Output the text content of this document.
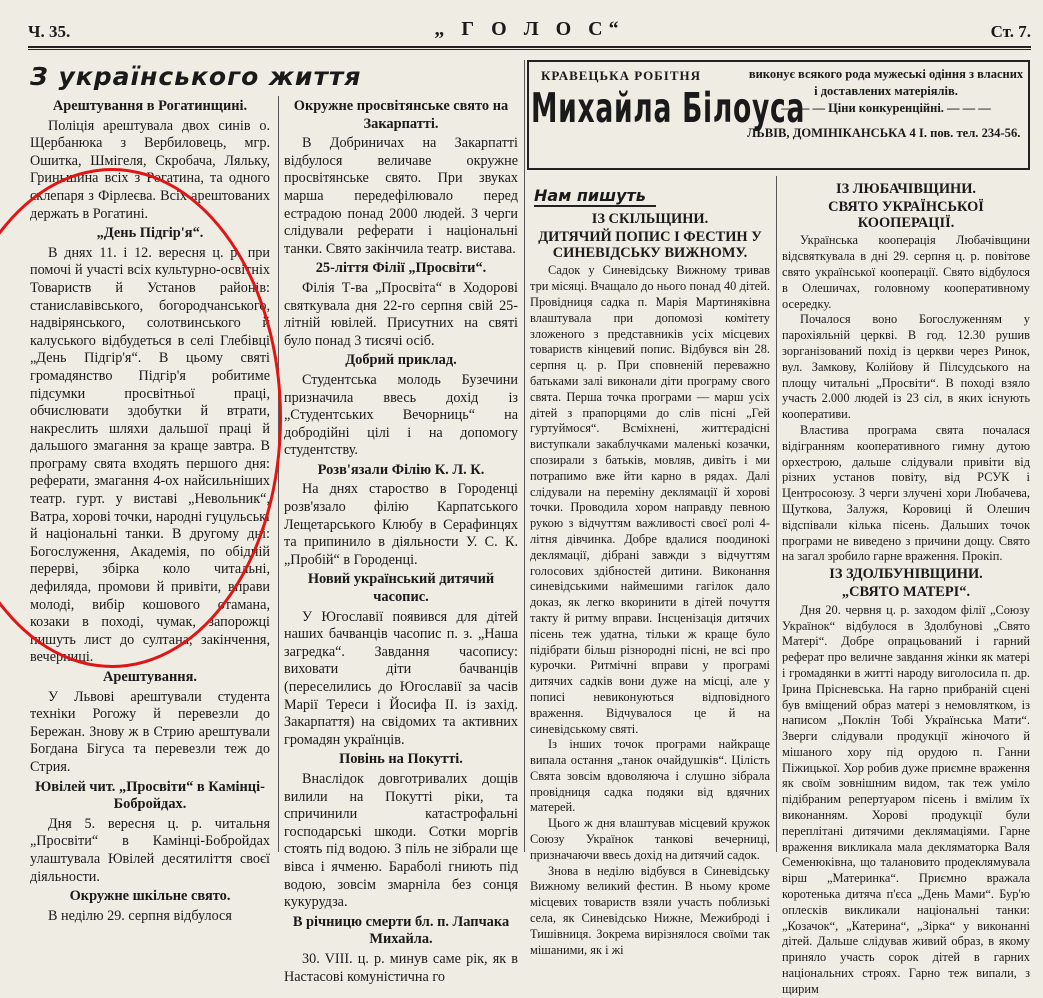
Ч. 35.	„ Г О Л О С“	Ст. 7.
З українського життя
Арештування в Рогатинщині.

Поліція арештувала двох синів о. Щербанюка з Вербиловець, мгр. Ошитка, Шмігеля, Скробача, Ляльку, Гриньшина всіх з Рогатина, та одного склепаря з Фірлеєва. Всіх арештованих держать в Рогатині.

„День Підгір'я“.

В днях 11. і 12. вересня ц. р. при помочі й участі всіх культурно-освітніх Товариств й Установ районів: станиславівського, богородчанського, надвірянського, солотвинського й калуського відбудеться в селі Глебівці „День Підгір'я“. В цьому святі громадянство Підгір'я робитиме підсумки просвітньої праці, обчислювати здобутки й втрати, накреслить шляхи дальшої праці й дальшого змагання за краще завтра. В програму свята входять першого дня: реферати, змагання 4-ох найсильніших театр. гурт. у виставі „Невольник“, Ватра, хорові точки, народні гуцульські й національні танки. В другому дні: Богослуження, Академія, по обідній перерві, збірка коло читальні, дефиляда, промови й привіти, вправи молоді, вибір кошового отамана, козаки в поході, чумак, запорожці пишуть лист до султана, закінчення, вечерниці.

Арештування.

У Львові арештували студента техніки Рогожу й перевезли до Бережан. Знову ж в Стрию арештували Богдана Бігуса та перевезли теж до Стрия.

Ювілей чит. „Просвіти“ в Камінці-Бобройдах.

Дня 5. вересня ц. р. читальня „Просвіти“ в Камінці-Бобройдах улаштувала Ювілей десятиліття своєї діяльности.

Окружне шкільне свято.

В неділю 29. серпня відбулося

Окружне просвітянське свято на Закарпатті.

В Добриничах на Закарпатті відбулося величаве окружне просвітянське свято. При звуках марша передефілювало перед естрадою понад 2000 людей. З черги слідували реферати і національні танки. Свято закінчила театр. вистава.

25-ліття Філії „Просвіти“.

Філія Т-ва „Просвіта“ в Ходорові святкувала дня 22-го серпня свій 25-літній ювілей. Присутних на святі було понад 3 тисячі осіб.

Добрий приклад.

Студентська молодь Бузечини призначила ввесь дохід із „Студентських Вечорниць“ на добродійні цілі і на допомогу студентству.

Розв'язали Філію К. Л. К.

На днях староство в Городенці розв'язало філію Карпатського Лещетарського Клюбу в Серафинцях та припинило в діяльности У. С. К. „Пробій“ в Городенці.

Новий український дитячий часопис.

У Югославії появився для дітей наших бачванців часопис п. з. „Наша загредка“. Завдання часопису: виховати діти бачванців (переселились до Югославії за часів Марії Тереси і Йосифа II. із захід. Закарпаття) на свідомих та активних громадян українців.

Повінь на Покутті.

Внаслідок довготривалих дощів вилили на Покутті ріки, та спричинили катастрофальні господарські шкоди. Сотки моргів стоять під водою. З піль не зібрали ще вівса і ячменю. Бараболі гниють під водою, зовсім змарніла без сонця кукурудза.

В річницю смерти бл. п. Лапчака Михайла.

30. VIII. ц. р. минув саме рік, як в Настасові комуністична го

КРАВЕЦЬКА РОБІТНЯ
Михайла Білоуса
виконує всякого рода мужеські одіння з власних і доставлених матеріялів.
— — — Ціни конкуренційні. — — —
ЛЬВІВ, ДОМІНІКАНСЬКА 4 І. пов. тел. 234-56.
Нам пишуть
ІЗ СКІЛЬЩИНИ.
ДИТЯЧИЙ ПОПИС І ФЕСТИН У СИНЕВІДСЬКУ ВИЖНОМУ.

Садок у Синевідську Вижному тривав три місяці. Вчащало до нього понад 40 дітей. Провідниця садка п. Марія Мартиняківна влаштувала при допомозі комітету зложеного з представників усіх місцевих товариств кінцевий попис. Відбувся він 28. серпня ц. р. При сповненій переважно батьками залі виконали діти програму свого свята. Перша точка програми — марш усіх дітей з прапорцями до слів пісні „Гей гуртуймося“. Всміхнені, життєрадісні виступкали закаблучками маленькі козачки, спозирали з батьків, мовляв, дивіть і ми потрапимо вже йти карно в рядах. Далі слідували на переміну деклямації й хорові точки. Проводила хором направду певною рукою з відчуттям важливості своєї ролі 4-літня дівчинка. Добре вдалися поодинокі деклямації, дібрані завжди з відчуттям голосових здібностей дитини. Виконання синевідськими наймешими гагілок дало доказ, як легко вкоринити в дітей почуття такту й ритму вправи. Інсценізація дитячих пісень теж удатна, тільки ж краще було підібрати більш різнородні пісні, не всі про курочки. Ритмічні вправи у програмі дитячих садків вони дуже на місці, але у пописі невиконуються відповідного враження. Відчувалося це й на синевідському святі.

Із інших точок програми найкраще випала остання „танок очайдушків“. Цілість Свята зовсім вдоволяюча і слушно зібрала провідниця садка подяки від вдячних матерей.

Цього ж дня влаштував місцевий кружок Союзу Українок танкові вечерниці, призначаючи ввесь дохід на дитячий садок.

Знова в неділю відбувся в Синевідську Вижному великий фестин. В ньому кроме місцевих товариств взяли участь поблизькі села, як Синевідсько Нижне, Межиброді і Тишівниця. Зокрема вирізнялося своїми так мішаними, як і жі

ІЗ ЛЮБАЧІВЩИНИ.
СВЯТО УКРАЇНСЬКОЇ КООПЕРАЦІЇ.

Українська кооперація Любачівщини відсвяткувала в дні 29. серпня ц. р. повітове свято української кооперації. Свято відбулося в Олешичах, головному кооперативному осередку.

Почалося воно Богослуженням у парохіяльній церкві. В год. 12.30 рушив зорганізований похід із церкви через Ринок, вул. Замкову, Колійову й Пілсудського на площу читальні „Просвіти“. В поході взяло участь 2.000 людей із 23 сіл, в яких існують кооперативи.

Властива програма свята почалася відігранням кооперативного гимну дутою орхестрою, дальше слідували привіти від різних установ повіту, від РСУК і Центросоюзу. З черги злучені хори Любачева, Щуткова, Залужя, Коровиці й Олешич відспівали кілька пісень. Дальших точок програми не виведено з причини дощу. Свято на загал зробило гарне враження. Прокіп.

ІЗ ЗДОЛБУНІВЩИНИ.
„СВЯТО МАТЕРІ“.

Дня 20. червня ц. р. заходом філії „Союзу Українок“ відбулося в Здолбунові „Свято Матері“. Добре опрацьований і гарний реферат про величне завдання жінки як матері і громадянки в житті народу виголосила п. др. Ірина Прісневська. На гарно прибраній сцені був вміщений образ матері з немовлятком, із написом „Поклін Тобі Українська Мати“. Зверги слідували продукції жіночого й мішаного хору під орудою п. Ганни Піжицької. Хор робив дуже приємне враження як своїм зовнішним видом, так теж умілo підібраним репертуаром пісень і вмілим їх виконанням. Хорові продукції були переплітані дитячими деклямаціями. Гарне враження викликала мала декляматорка Валя Семенюківна, що талановито продеклямувала вірш „Материнка“. Приємно вражала коротенька дитяча п'єса „День Мами“. Бур'ю оплесків викликали національні танки: „Козачок“, „Катерина“, „Зірка“ у виконанні дітей. Дальше слідував живий образ, в якому приняло участь сорок дітей в гарних національних строях. Гарно теж випали, з щирим
